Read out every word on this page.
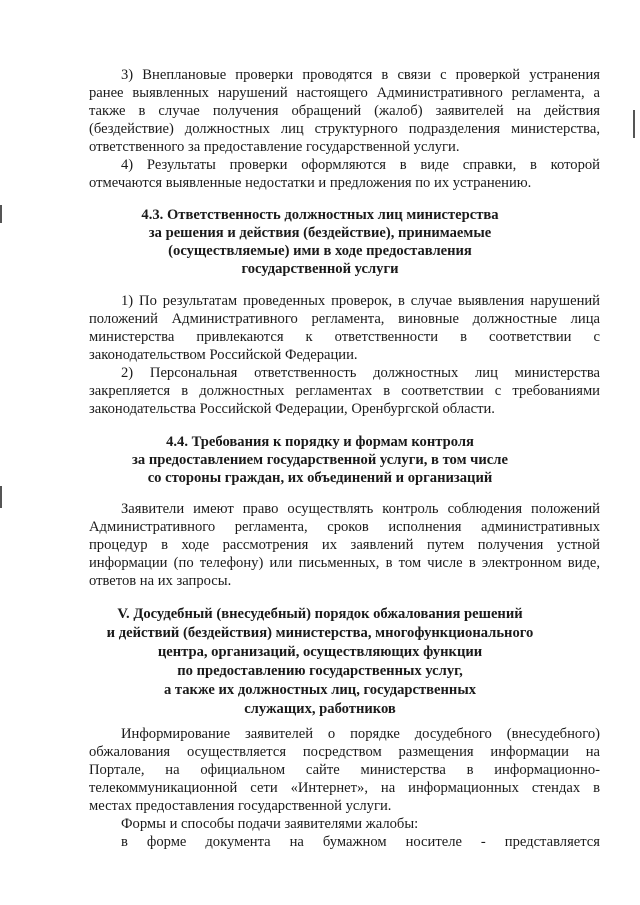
3) Внеплановые проверки проводятся в связи с проверкой устранения
ранее выявленных нарушений настоящего Административного регламента, а
также в случае получения обращений (жалоб) заявителей на действия
(бездействие) должностных лиц структурного подразделения министерства,
ответственного за предоставление государственной услуги.
4) Результаты проверки оформляются в виде справки, в которой
отмечаются выявленные недостатки и предложения по их устранению.
4.3. Ответственность должностных лиц министерства
за решения и действия (бездействие), принимаемые
(осуществляемые) ими в ходе предоставления
государственной услуги
1) По результатам проведенных проверок, в случае выявления нарушений
положений Административного регламента, виновные должностные лица
министерства привлекаются к ответственности в соответствии с
законодательством Российской Федерации.
2) Персональная ответственность должностных лиц министерства
закрепляется в должностных регламентах в соответствии с требованиями
законодательства Российской Федерации, Оренбургской области.
4.4. Требования к порядку и формам контроля
за предоставлением государственной услуги, в том числе
со стороны граждан, их объединений и организаций
Заявители имеют право осуществлять контроль соблюдения положений
Административного регламента, сроков исполнения административных
процедур в ходе рассмотрения их заявлений путем получения устной
информации (по телефону) или письменных, в том числе в электронном виде,
ответов на их запросы.
V. Досудебный (внесудебный) порядок обжалования решений
и действий (бездействия) министерства, многофункционального
центра, организаций, осуществляющих функции
по предоставлению государственных услуг,
а также их должностных лиц, государственных
служащих, работников
Информирование заявителей о порядке досудебного (внесудебного)
обжалования осуществляется посредством размещения информации на
Портале, на официальном сайте министерства в информационно-
телекоммуникационной сети «Интернет», на информационных стендах в
местах предоставления государственной услуги.
Формы и способы подачи заявителями жалобы:
в форме документа на бумажном носителе - представляется
